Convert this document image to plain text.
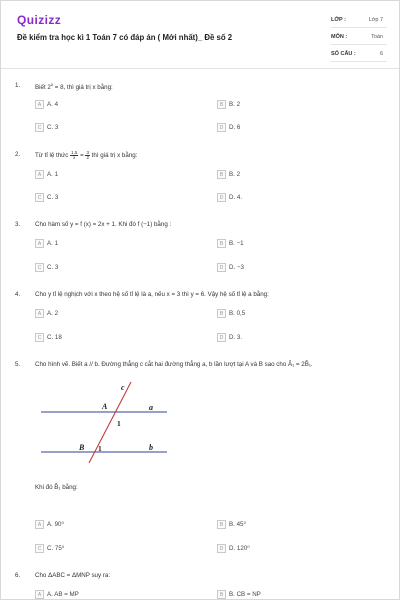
Quizizz
Đề kiểm tra học kì 1 Toán 7 có đáp án ( Mới nhất)_ Đề số 2
LỚP :	Lớp 7
MÔN :	Toán
SỐ CÂU :	6
1. Biết $2^x = 8$, thì giá trị x bằng:
A A. 4	B B. 2
C C. 3	D D. 6
2. Từ tỉ lệ thức $\frac{1,5}{x} = \frac{3}{2}$ thì giá trị x bằng:
A A. 1	B B. 2
C C. 3	D D. 4.
3. Cho hàm số y = f (x) = 2x + 1. Khi đó f (−1) bằng :
A A. 1	B B. −1
C C. 3	D D. −3
4. Cho y tỉ lệ nghịch với x theo hệ số tỉ lệ là a, nếu x = 3 thì y = 6. Vậy hệ số tỉ lệ a bằng:
A A. 2	B B. 0,5
C C. 18	D D. 3.
5. Cho hình vẽ. Biết a // b. Đường thẳng c cắt hai đường thẳng a, b lần lượt tại A và B sao cho Â₁ = 2B̂₁.
c
a
b
A
B
1
1
Khi đó B̂₁ bằng:
A A. 90⁰	B B. 45⁰
C C. 75⁰	D D. 120⁰
6. Cho ΔABC = ΔMNP suy ra:
A A. AB = MP	B B. CB = NP
